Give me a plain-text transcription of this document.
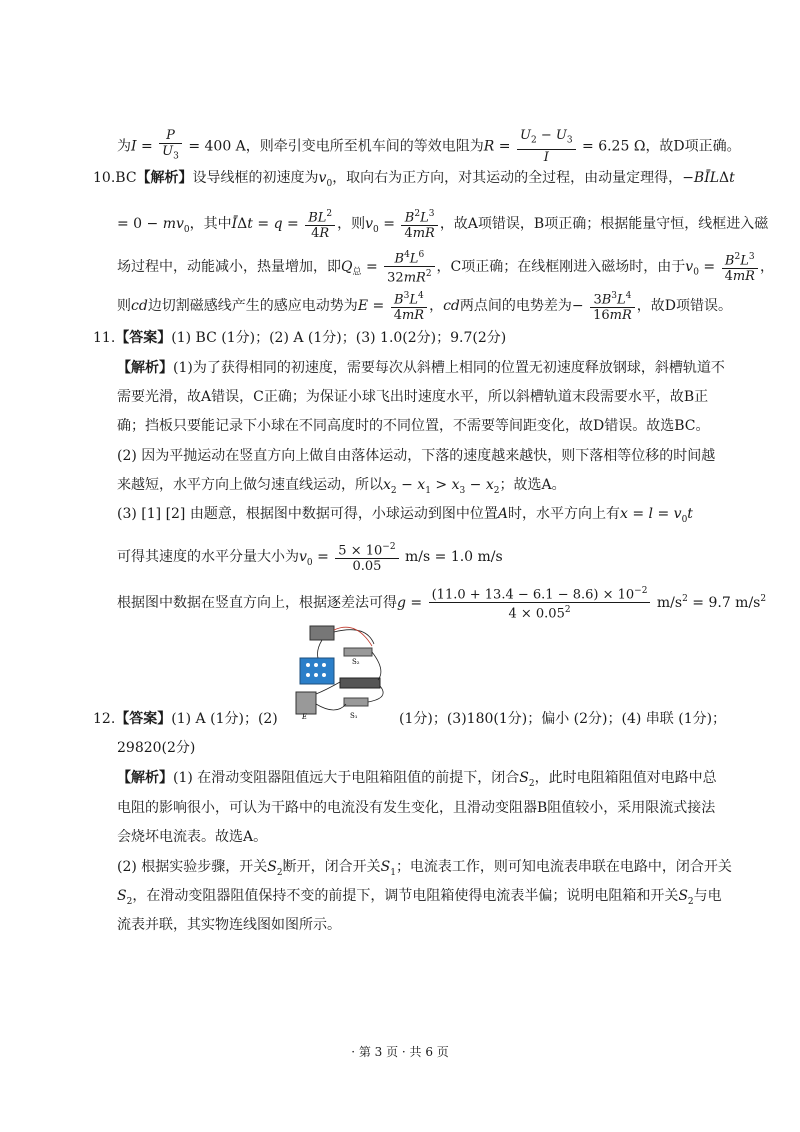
为$I = \frac{P}{U_3} = 400$ A，则牵引变电所至机车间的等效电阻为$R = \frac{U_2 - U_3}{I} = 6.25$ Ω，故D项正确。
10.BC【解析】设导线框的初速度为$v_0$，取向右为正方向，对其运动的全过程，由动量定理得，−BĪLΔt
= $0 - mv_0$，其中ĪΔt = $q = \frac{BL^2}{4R}$ ，则$v_0 = \frac{B^2L^3}{4mR}$ ，故A项错误，B项正确；根据能量守恒，线框进入磁
场过程中，动能减小，热量增加，即$Q_总 = \frac{B^4L^6}{32mR^2}$ ，C项正确；在线框刚进入磁场时，由于$v_0 = \frac{B^2L^3}{4mR}$ ，
则cd边切割磁感线产生的感应电动势为$E = \frac{B^3L^4}{4mR}$ ，cd两点间的电势差为− $\frac{3B^3L^4}{16mR}$ ，故D项错误。
11.【答案】(1) BC (1分)；(2) A (1分)；(3) 1.0(2分)；9.7(2分)
【解析】(1)为了获得相同的初速度，需要每次从斜槽上相同的位置无初速度释放钢球，斜槽轨道不
需要光滑，故A错误，C正确；为保证小球飞出时速度水平，所以斜槽轨道末段需要水平，故B正
确；挡板只要能记录下小球在不同高度时的不同位置，不需要等间距变化，故D错误。故选BC。
(2) 因为平抛运动在竖直方向上做自由落体运动，下落的速度越来越快，则下落相等位移的时间越
来越短，水平方向上做匀速直线运动，所以$x_2 - x_1 > x_3 - x_2$；故选A。
(3) [1] [2] 由题意，根据图中数据可得，小球运动到图中位置A时，水平方向上有$x = l = v_0t$
可得其速度的水平分量大小为$v_0 = \frac{5 \times 10^{-2}}{0.05} m/s = 1.0$ m/s
根据图中数据在竖直方向上，根据逐差法可得$g = \frac{(11.0 + 13.4 - 6.1 - 8.6) \times 10^{-2}}{4 \times 0.05^2} m/s^2 = 9.7$ $m/s^2$
S₂
S₁
E
12.【答案】(1) A (1分)；(2)	(1分)；(3)180(1分)；偏小 (2分)；(4) 串联 (1分)；
29820(2分)
【解析】(1) 在滑动变阻器阻值远大于电阻箱阻值的前提下，闭合$S_2$，此时电阻箱阻值对电路中总
电阻的影响很小，可认为干路中的电流没有发生变化，且滑动变阻器B阻值较小，采用限流式接法
会烧坏电流表。故选A。
(2) 根据实验步骤，开关$S_2$断开，闭合开关$S_1$；电流表工作，则可知电流表串联在电路中，闭合开关
$S_2$，在滑动变阻器阻值保持不变的前提下，调节电阻箱使得电流表半偏；说明电阻箱和开关$S_2$与电
流表并联，其实物连线图如图所示。
· 第 3 页 · 共 6 页
